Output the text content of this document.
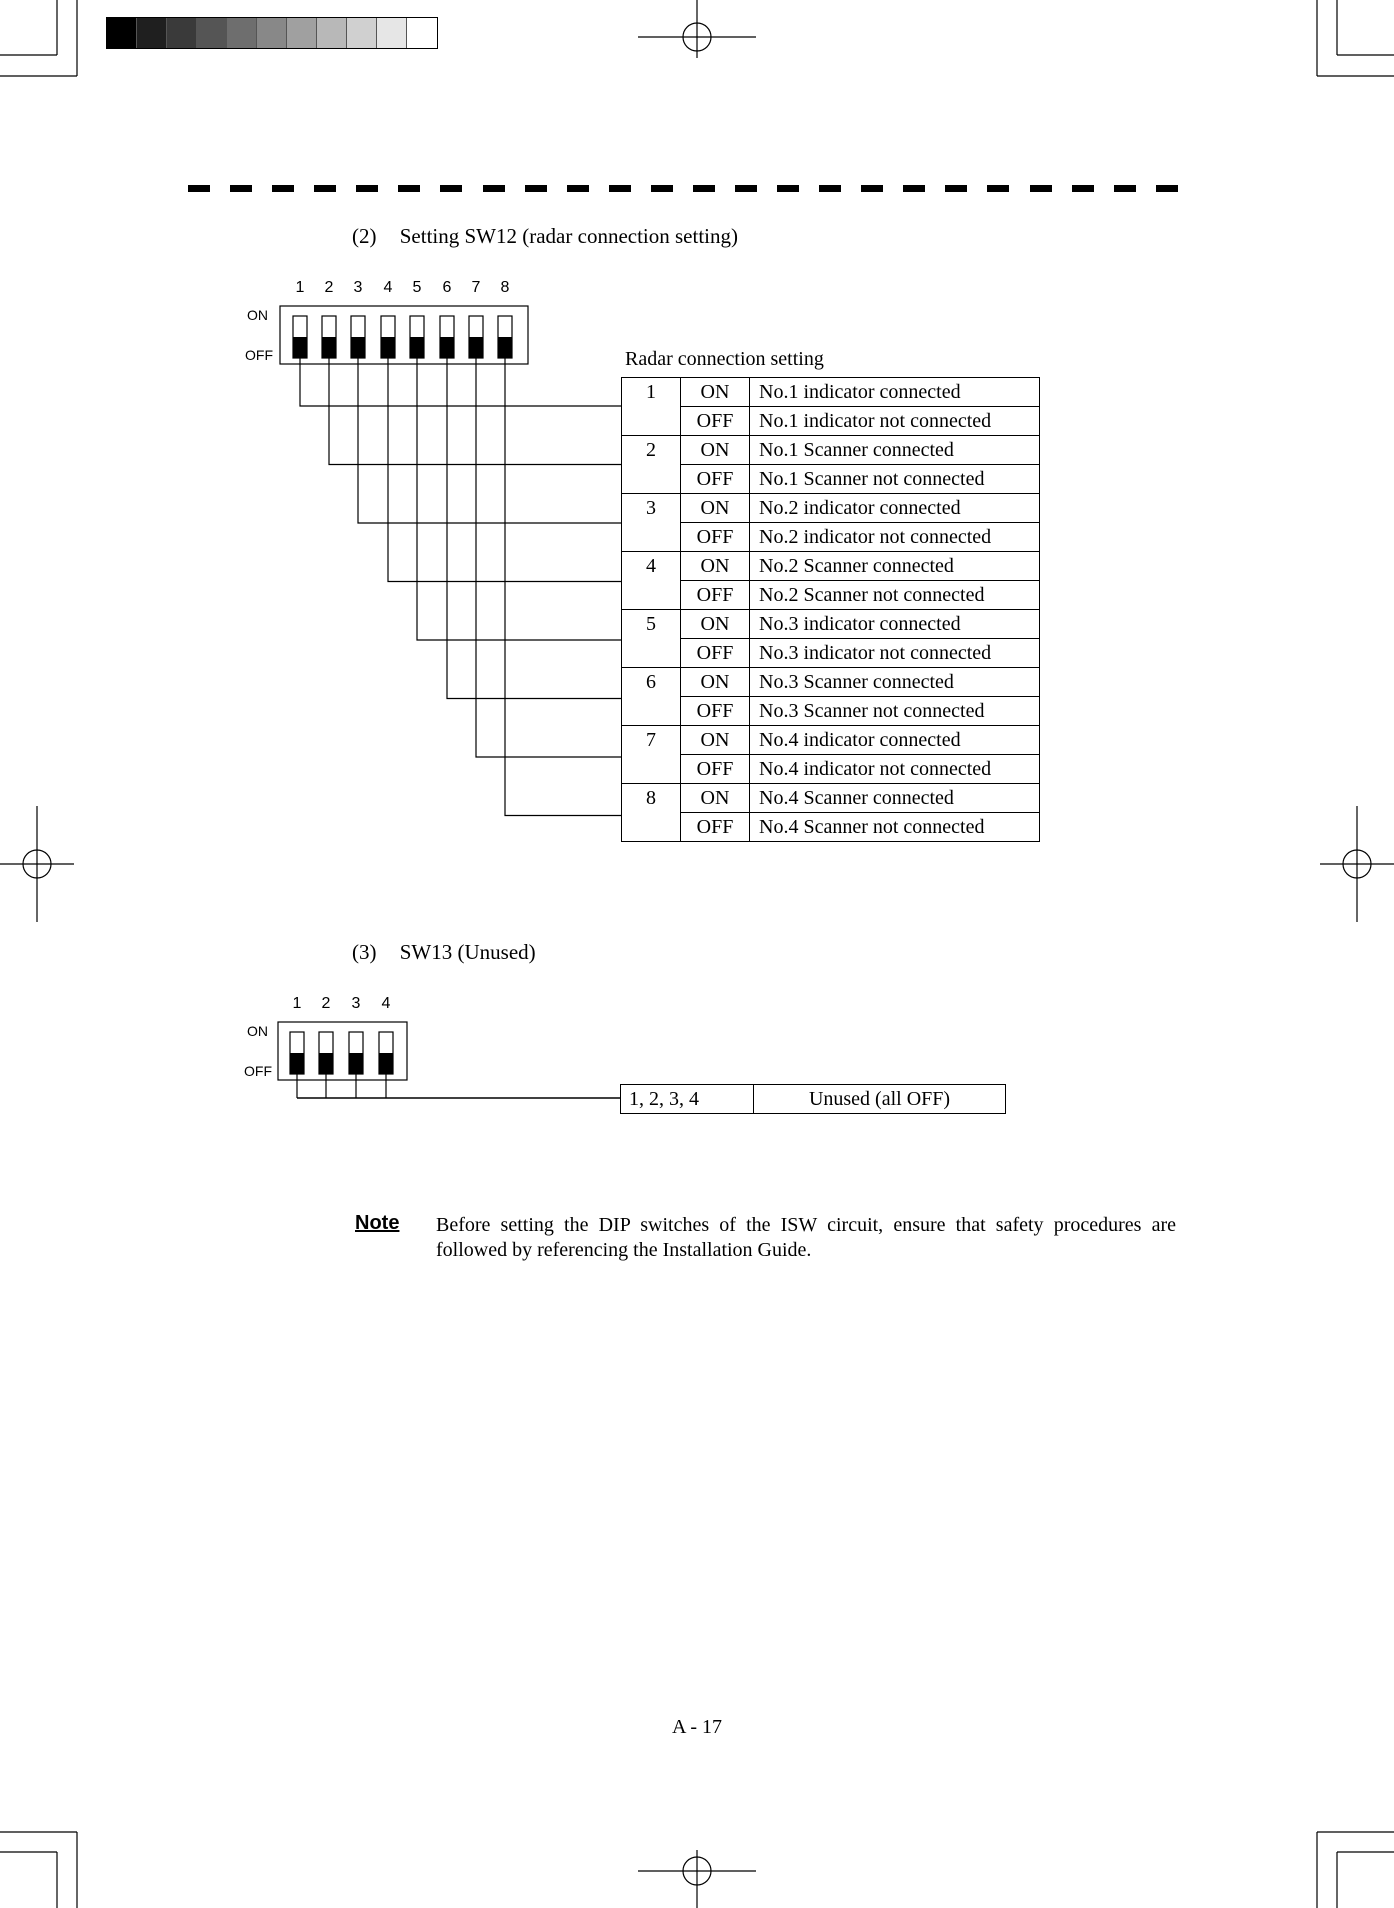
(2) Setting SW12 (radar connection setting)
1	2	3	4	5	6	7	8
ON
OFF	Radar connection setting
1	ON	No.1 indicator connected
	OFF	No.1 indicator not connected
2	ON	No.1 Scanner connected
	OFF	No.1 Scanner not connected
3	ON	No.2 indicator connected
	OFF	No.2 indicator not connected
4	ON	No.2 Scanner connected
	OFF	No.2 Scanner not connected
5	ON	No.3 indicator connected
	OFF	No.3 indicator not connected
6	ON	No.3 Scanner connected
	OFF	No.3 Scanner not connected
7	ON	No.4 indicator connected
	OFF	No.4 indicator not connected
8	ON	No.4 Scanner connected
	OFF	No.4 Scanner not connected
(3) SW13 (Unused)
1	2	3	4
ON
OFF
1, 2, 3, 4	Unused (all OFF)
Note Before setting the DIP switches of the ISW circuit, ensure that safety procedures are followed by referencing the Installation Guide.
A - 17
